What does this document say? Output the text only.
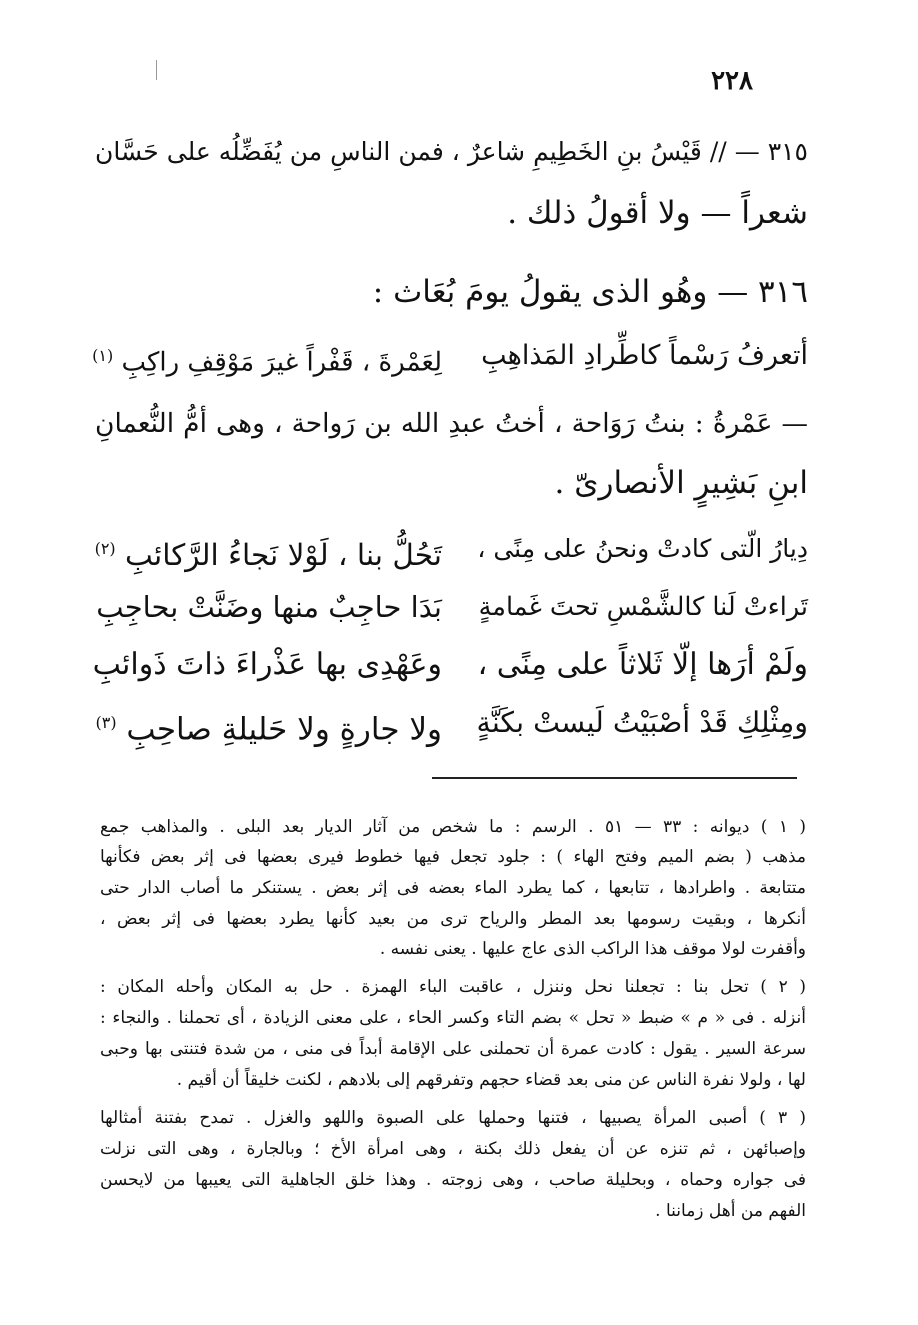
٢٢٨
٣١٥ — // قَيْسُ بنِ الخَطِيمِ شاعرٌ ، فمن الناسِ من يُفَضِّلُه على حَسَّان
شعراً — ولا أقولُ ذلك .
٣١٦ — وهُو الذى يقولُ يومَ بُعَاث :
أتعرفُ رَسْماً كاطِّرادِ المَذاهِبِ
لِعَمْرةَ ، قَفْراً غيرَ مَوْقِفِ راكِبِ $^{(١)}$
— عَمْرةُ : بنتُ رَوَاحة ، أختُ عبدِ الله بن رَواحة ، وهى أمُّ النُّعمانِ
ابنِ بَشِيرٍ الأنصارىّ .
دِيارُ الّتى كادتْ ونحنُ على مِنًى ،
تَحُلُّ بنا ، لَوْلا نَجاءُ الرَّكائبِ $^{(٢)}$
تَراءتْ لَنا كالشَّمْسِ تحتَ غَمامةٍ
بَدَا حاجِبٌ منها وضَنَّتْ بحاجِبِ
ولَمْ أرَها إلّا ثَلاثاً على مِنًى ،
وعَهْدِى بها عَذْراءَ ذاتَ ذَوائبِ
ومِثْلِكِ قَدْ أصْبَيْتُ لَيستْ بكَنَّةٍ
ولا جارةٍ ولا حَليلةِ صاحِبِ $^{(٣)}$
( ١ ) ديوانه : ٣٣ — ٥١ . الرسم : ما شخص من آثار الديار بعد البلى . والمذاهب جمع
مذهب ( بضم الميم وفتح الهاء ) : جلود تجعل فيها خطوط فيرى بعضها فى إثر بعض فكأنها
متتابعة . واطرادها ، تتابعها ، كما يطرد الماء بعضه فى إثر بعض . يستنكر ما أصاب الدار حتى
أنكرها ، وبقيت رسومها بعد المطر والرياح ترى من بعيد كأنها يطرد بعضها فى إثر بعض ،
وأقفرت لولا موقف هذا الراكب الذى عاج عليها . يعنى نفسه .
( ٢ ) تحل بنا : تجعلنا نحل وننزل ، عاقبت الباء الهمزة . حل به المكان وأحله المكان :
أنزله . فى « م » ضبط « تحل » بضم التاء وكسر الحاء ، على معنى الزيادة ، أى تحملنا . والنجاء :
سرعة السير . يقول : كادت عمرة أن تحملنى على الإقامة أبداً فى منى ، من شدة فتنتى بها وحبى
لها ، ولولا نفرة الناس عن منى بعد قضاء حجهم وتفرقهم إلى بلادهم ، لكنت خليقاً أن أقيم .
( ٣ ) أصبى المرأة يصبيها ، فتنها وحملها على الصبوة واللهو والغزل . تمدح بفتنة أمثالها
وإصبائهن ، ثم تنزه عن أن يفعل ذلك بكنة ، وهى امرأة الأخ ؛ وبالجارة ، وهى التى نزلت
فى جواره وحماه ، وبحليلة صاحب ، وهى زوجته . وهذا خلق الجاهلية التى يعيبها من لايحسن
الفهم من أهل زماننا .
